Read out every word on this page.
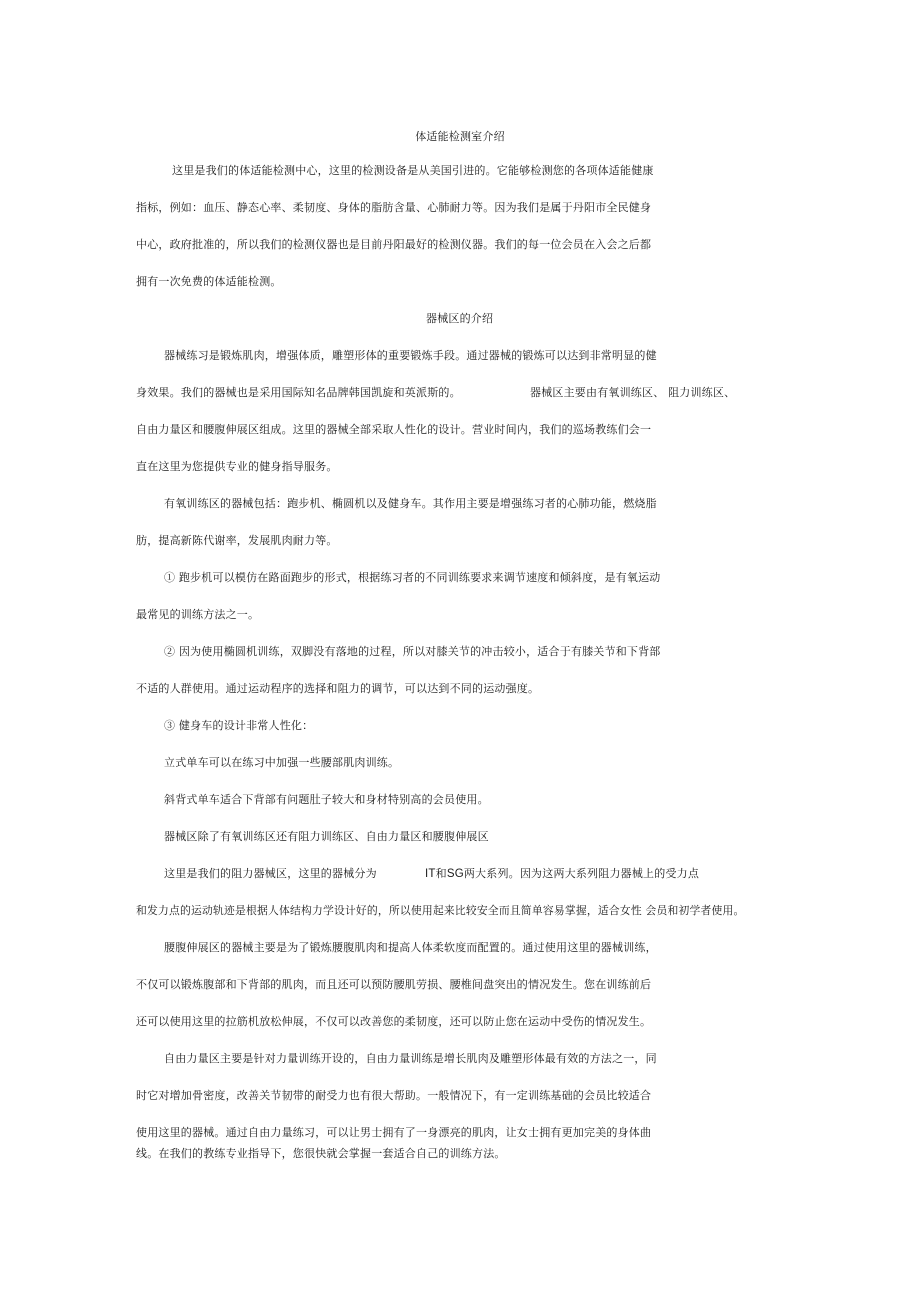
体适能检测室介绍
这里是我们的体适能检测中心，这里的检测设备是从美国引进的。它能够检测您的各项体适能健康
指标，例如：血压、静态心率、柔韧度、身体的脂肪含量、心肺耐力等。因为我们是属于丹阳市全民健身
中心，政府批准的，所以我们的检测仪器也是目前丹阳最好的检测仪器。我们的每一位会员在入会之后都
拥有一次免费的体适能检测。
器械区的介绍
器械练习是锻炼肌肉，增强体质，雕塑形体的重要锻炼手段。通过器械的锻炼可以达到非常明显的健
身效果。我们的器械也是采用国际知名品牌韩国凯旋和英派斯的。	器械区主要由有氧训练区、 阻力训练区、
自由力量区和腰腹伸展区组成。这里的器械全部采取人性化的设计。营业时间内，我们的巡场教练们会一
直在这里为您提供专业的健身指导服务。
有氧训练区的器械包括：跑步机、椭圆机以及健身车。其作用主要是增强练习者的心肺功能，燃烧脂
肪，提高新陈代谢率，发展肌肉耐力等。
① 跑步机可以模仿在路面跑步的形式，根据练习者的不同训练要求来调节速度和倾斜度，是有氧运动
最常见的训练方法之一。
② 因为使用椭圆机训练，双脚没有落地的过程，所以对膝关节的冲击较小，适合于有膝关节和下背部
不适的人群使用。通过运动程序的选择和阻力的调节，可以达到不同的运动强度。
③ 健身车的设计非常人性化：
立式单车可以在练习中加强一些腰部肌肉训练。
斜背式单车适合下背部有问题肚子较大和身材特别高的会员使用。
器械区除了有氧训练区还有阻力训练区、自由力量区和腰腹伸展区
这里是我们的阻力器械区，这里的器械分为	IT和SG两大系列。因为这两大系列阻力器械上的受力点
和发力点的运动轨迹是根据人体结构力学设计好的，所以使用起来比较安全而且简单容易掌握，适合女性 会员和初学者使用。
腰腹伸展区的器械主要是为了锻炼腰腹肌肉和提高人体柔软度而配置的。通过使用这里的器械训练，
不仅可以锻炼腹部和下背部的肌肉，而且还可以预防腰肌劳损、腰椎间盘突出的情况发生。您在训练前后
还可以使用这里的拉筋机放松伸展，不仅可以改善您的柔韧度，还可以防止您在运动中受伤的情况发生。
自由力量区主要是针对力量训练开设的，自由力量训练是增长肌肉及雕塑形体最有效的方法之一，同
时它对增加骨密度，改善关节韧带的耐受力也有很大帮助。一般情况下，有一定训练基础的会员比较适合
使用这里的器械。通过自由力量练习，可以让男士拥有了一身漂亮的肌肉，让女士拥有更加完美的身体曲
线。在我们的教练专业指导下，您很快就会掌握一套适合自己的训练方法。
